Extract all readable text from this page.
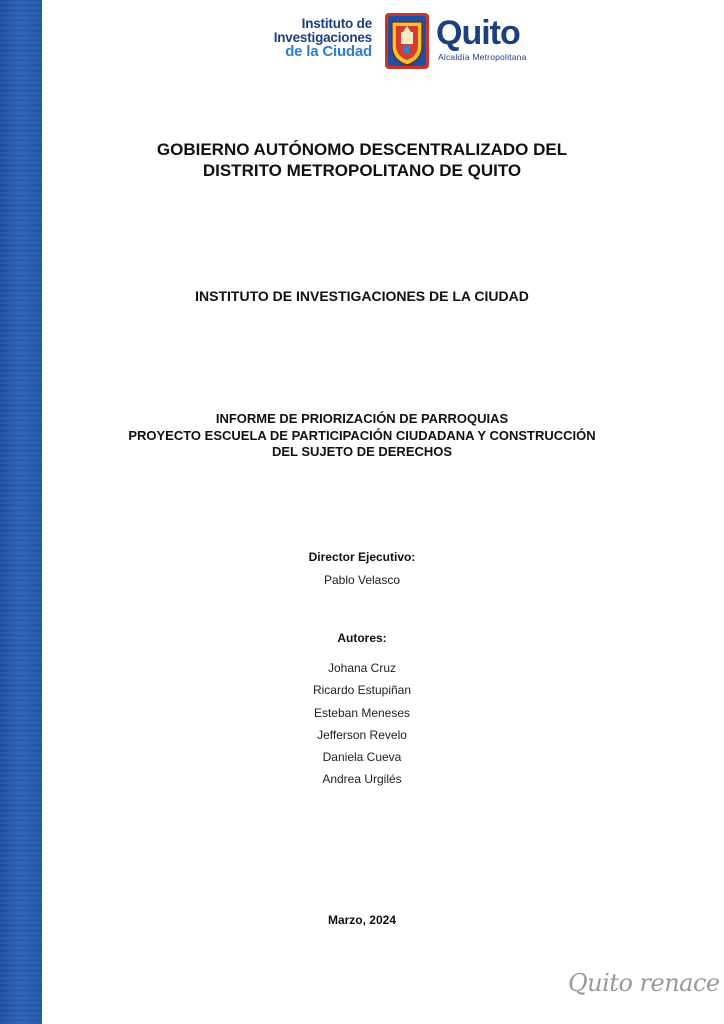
Instituto de
Investigaciones
de la Ciudad Quito
Alcaldía Metropolitana
GOBIERNO AUTÓNOMO DESCENTRALIZADO DEL
DISTRITO METROPOLITANO DE QUITO
INSTITUTO DE INVESTIGACIONES DE LA CIUDAD
INFORME DE PRIORIZACIÓN DE PARROQUIAS
PROYECTO ESCUELA DE PARTICIPACIÓN CIUDADANA Y CONSTRUCCIÓN
DEL SUJETO DE DERECHOS
Director Ejecutivo:
Pablo Velasco
Autores:
Johana Cruz
Ricardo Estupiñan
Esteban Meneses
Jefferson Revelo
Daniela Cueva
Andrea Urgilés
Marzo, 2024
Quito renace
